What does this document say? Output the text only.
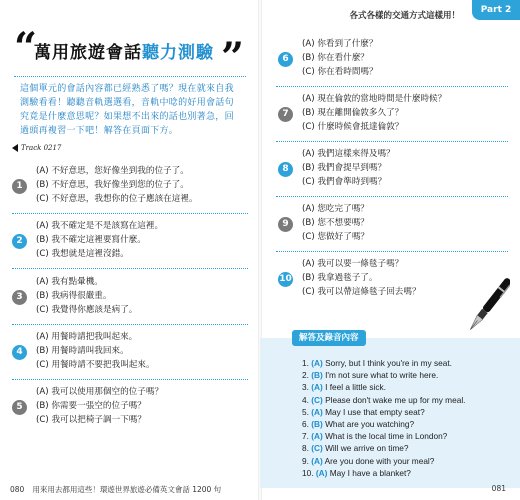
“
萬用旅遊會話聽力測驗 ”
這個單元的會話內容都已經熟悉了嗎？現在就來自我測驗看看！聽聽音軌選選看，音軌中唸的好用會話句究竟是什麼意思呢？如果想不出來的話也別著急，回過頭再複習一下吧！解答在頁面下方。
Track 0217
1
(A) 不好意思，您好像坐到我的位子了。
(B) 不好意思，我好像坐到您的位子了。
(C) 不好意思，我想你的位子應該在這裡。
2
(A) 我不確定是不是該寫在這裡。
(B) 我不確定這裡要寫什麼。
(C) 我想就是這裡沒錯。
3
(A) 我有點暈機。
(B) 我病得很嚴重。
(C) 我覺得你應該是病了。
4
(A) 用餐時請把我叫起來。
(B) 用餐時請叫我回來。
(C) 用餐時請不要把我叫起來。
5
(A) 我可以使用那個空的位子嗎？
(B) 你需要一張空的位子嗎？
(C) 我可以把椅子調一下嗎？
080 用來用去都用這些！環遊世界旅遊必備英文會話 1200 句
各式各樣的交通方式這樣用！
Part 2
6
(A) 你看到了什麼？
(B) 你在看什麼？
(C) 你在看時間嗎？
7
(A) 現在倫敦的當地時間是什麼時候？
(B) 現在離開倫敦多久了？
(C) 什麼時候會抵達倫敦？
8
(A) 我們這樣來得及嗎？
(B) 我們會提早到嗎？
(C) 我們會準時到嗎？
9
(A) 您吃完了嗎？
(B) 您不想要嗎？
(C) 您做好了嗎？
10
(A) 我可以要一條毯子嗎？
(B) 我拿過毯子了。
(C) 我可以帶這條毯子回去嗎？
解答及錄音內容
1. (A) Sorry, but I think you're in my seat.
2. (B) I'm not sure what to write here.
3. (A) I feel a little sick.
4. (C) Please don't wake me up for my meal.
5. (A) May I use that empty seat?
6. (B) What are you watching?
7. (A) What is the local time in London?
8. (C) Will we arrive on time?
9. (A) Are you done with your meal?
10. (A) May I have a blanket?
081
